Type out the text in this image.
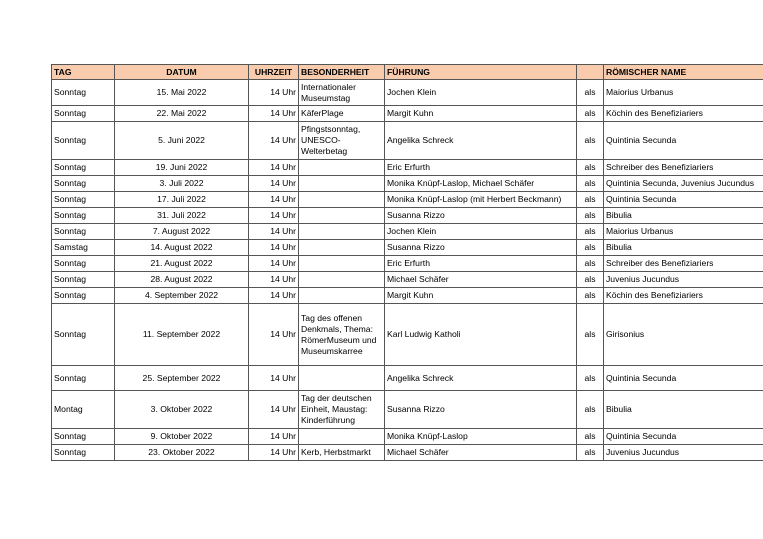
TAG	DATUM	UHRZEIT	BESONDERHEIT	FÜHRUNG		RÖMISCHER NAME
Sonntag	15. Mai 2022	14 Uhr	Internationaler Museumstag	Jochen Klein	als	Maiorius Urbanus
Sonntag	22. Mai 2022	14 Uhr	KäferPlage	Margit Kuhn	als	Köchin des Benefiziariers
Sonntag	5. Juni 2022	14 Uhr	Pfingstsonntag, UNESCO-Welterbetag	Angelika Schreck	als	Quintinia Secunda
Sonntag	19. Juni 2022	14 Uhr		Eric Erfurth	als	Schreiber des Benefiziariers
Sonntag	3. Juli 2022	14 Uhr		Monika Knüpf-Laslop, Michael Schäfer	als	Quintinia Secunda, Juvenius Jucundus
Sonntag	17. Juli 2022	14 Uhr		Monika Knüpf-Laslop (mit Herbert Beckmann)	als	Quintinia Secunda
Sonntag	31. Juli 2022	14 Uhr		Susanna Rizzo	als	Bibulia
Sonntag	7. August 2022	14 Uhr		Jochen Klein	als	Maiorius Urbanus
Samstag	14. August 2022	14 Uhr		Susanna Rizzo	als	Bibulia
Sonntag	21. August 2022	14 Uhr		Eric Erfurth	als	Schreiber des Benefiziariers
Sonntag	28. August 2022	14 Uhr		Michael Schäfer	als	Juvenius Jucundus
Sonntag	4. September 2022	14 Uhr		Margit Kuhn	als	Köchin des Benefiziariers
Sonntag	11. September 2022	14 Uhr	Tag des offenen Denkmals, Thema: RömerMuseum und Museumskarree	Karl Ludwig Katholi	als	Girisonius
Sonntag	25. September 2022	14 Uhr		Angelika Schreck	als	Quintinia Secunda
Montag	3. Oktober 2022	14 Uhr	Tag der deutschen Einheit, Maustag: Kinderführung	Susanna Rizzo	als	Bibulia
Sonntag	9. Oktober 2022	14 Uhr		Monika Knüpf-Laslop	als	Quintinia Secunda
Sonntag	23. Oktober 2022	14 Uhr	Kerb, Herbstmarkt	Michael Schäfer	als	Juvenius Jucundus
